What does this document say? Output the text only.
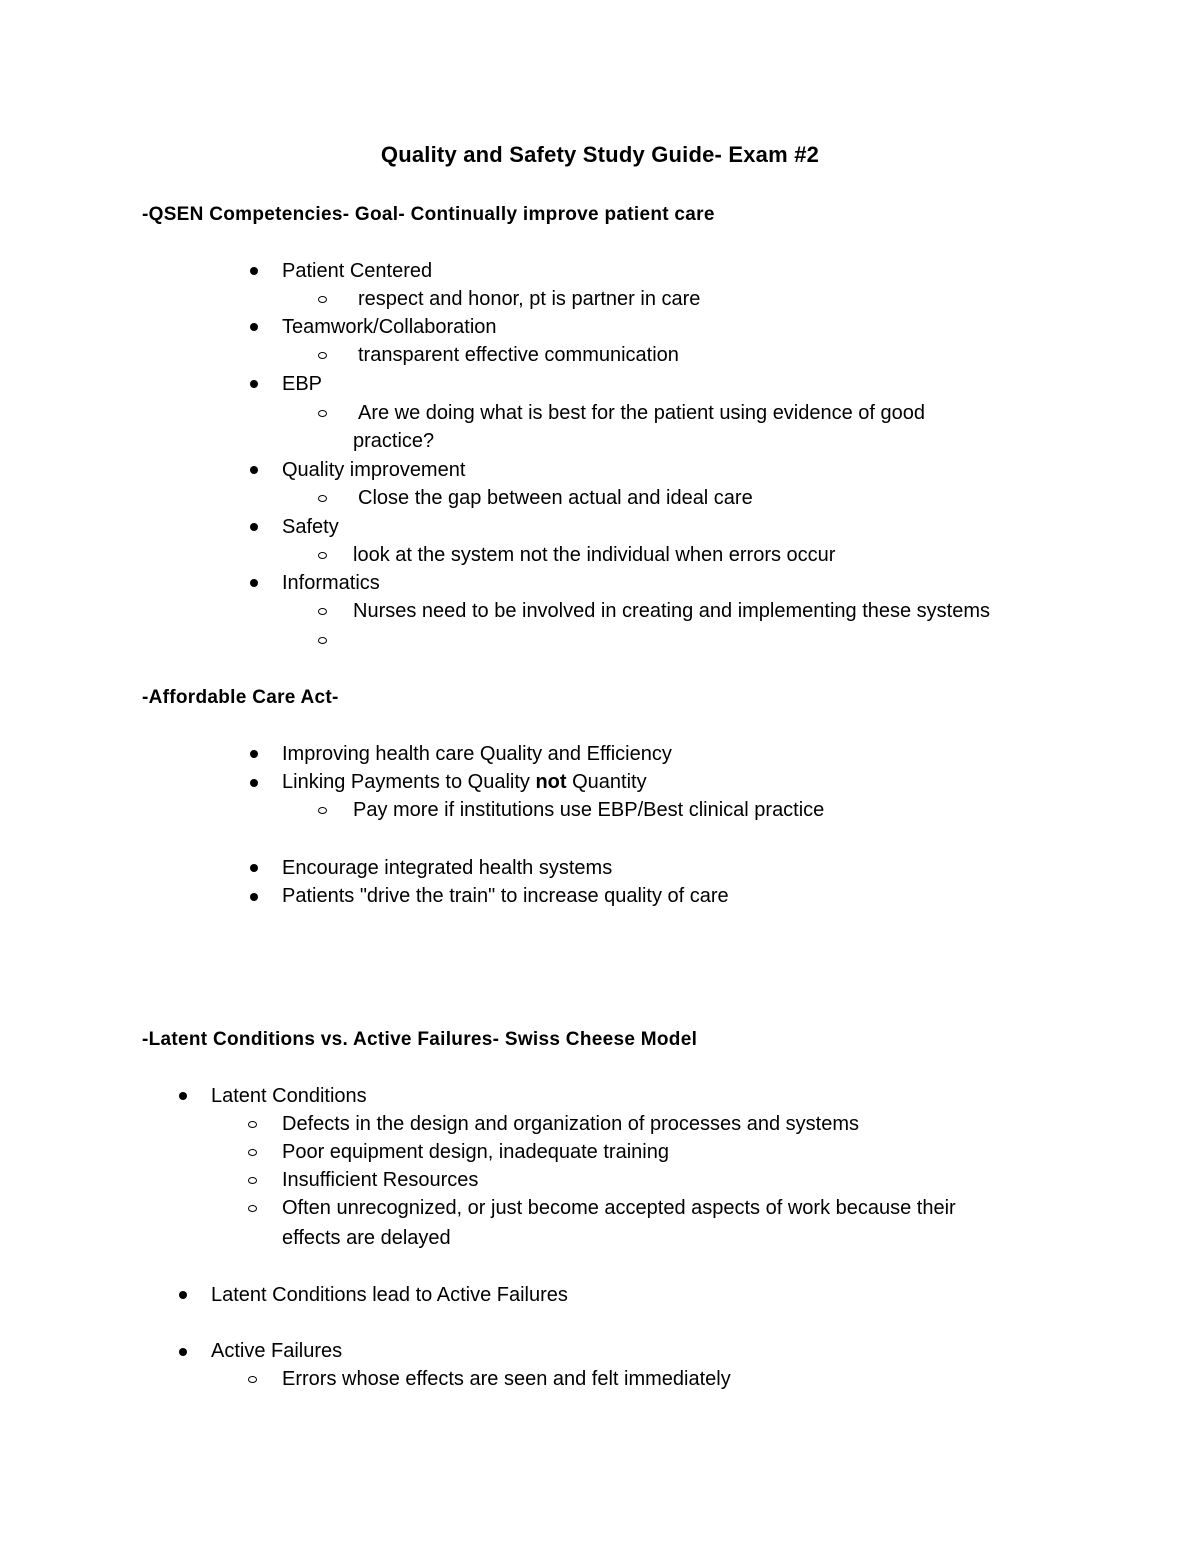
Quality and Safety Study Guide- Exam #2
-QSEN Competencies- Goal- Continually improve patient care
Patient Centered
respect and honor, pt is partner in care
Teamwork/Collaboration
transparent effective communication
EBP
Are we doing what is best for the patient using evidence of good
practice?
Quality improvement
Close the gap between actual and ideal care
Safety
look at the system not the individual when errors occur
Informatics
Nurses need to be involved in creating and implementing these systems
-Affordable Care Act-
Improving health care Quality and Efficiency
Linking Payments to Quality not Quantity
Pay more if institutions use EBP/Best clinical practice
Encourage integrated health systems
Patients "drive the train" to increase quality of care
-Latent Conditions vs. Active Failures- Swiss Cheese Model
Latent Conditions
Defects in the design and organization of processes and systems
Poor equipment design, inadequate training
Insufficient Resources
Often unrecognized, or just become accepted aspects of work because their
effects are delayed
Latent Conditions lead to Active Failures
Active Failures
Errors whose effects are seen and felt immediately
